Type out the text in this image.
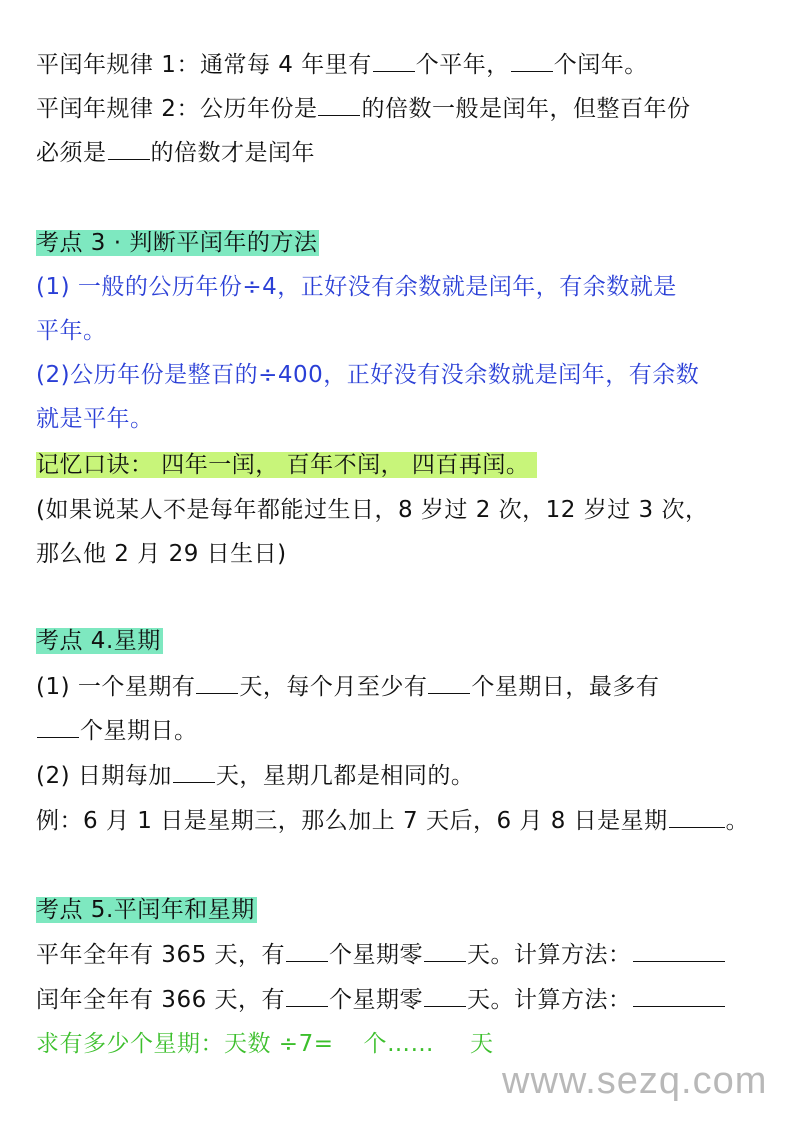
平闰年规律 1：通常每 4 年里有 个平年， 个闰年。
平闰年规律 2：公历年份是 的倍数一般是闰年，但整百年份
必须是 的倍数才是闰年
考点 3 · 判断平闰年的方法
(1) 一般的公历年份÷4，正好没有余数就是闰年，有余数就是
平年。
(2)公历年份是整百的÷400，正好没有没余数就是闰年，有余数
就是平年。
记忆口诀： 四年一闰， 百年不闰， 四百再闰。
(如果说某人不是每年都能过生日，8 岁过 2 次，12 岁过 3 次，
那么他 2 月 29 日生日)
考点 4.星期
(1) 一个星期有 天，每个月至少有 个星期日，最多有
个星期日。
(2) 日期每加 天，星期几都是相同的。
例：6 月 1 日是星期三，那么加上 7 天后，6 月 8 日是星期	。
考点 5.平闰年和星期
平年全年有 365 天，有 个星期零 天。计算方法：
闰年全年有 366 天，有 个星期零 天。计算方法：
求有多少个星期：天数 ÷7= 个…… 天
www.sezq.com
